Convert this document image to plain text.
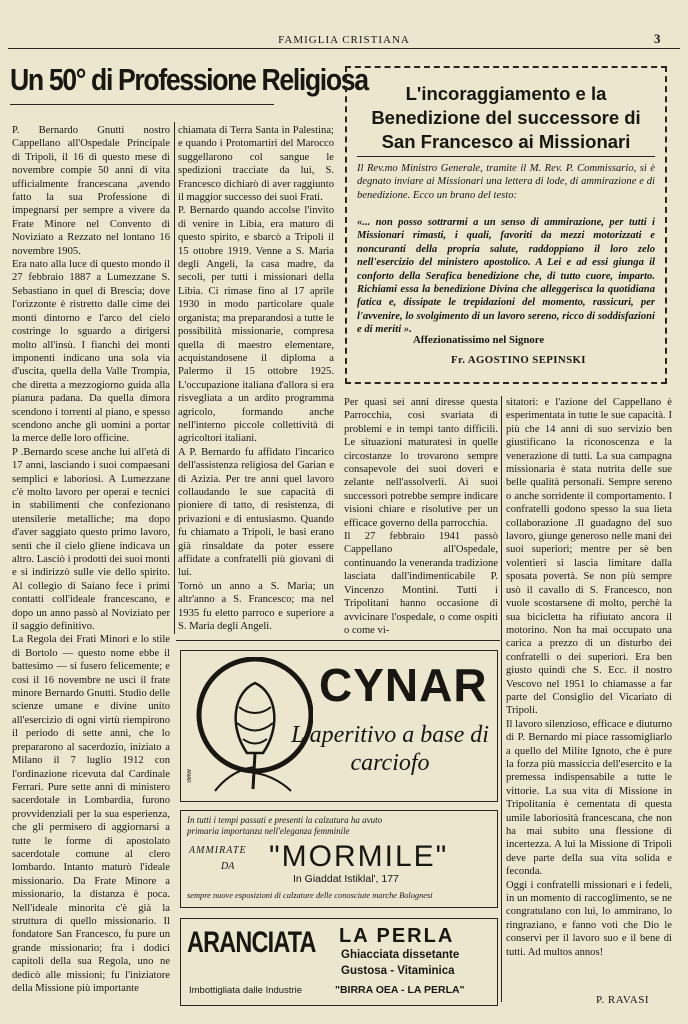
FAMIGLIA CRISTIANA	3
Un 50° di Professione Religiosa
P. Bernardo Gnutti nostro Cappellano all'Ospedale Principale di Tripoli, il 16 di questo mese di novembre compie 50 anni di vita ufficialmente francescana ,avendo fatto la sua Professione di impegnarsi per sempre a vivere da Frate Minore nel Convento di Noviziato a Rezzato nel lontano 16 novembre 1905.
Era nato alla luce di questo mondo il 27 febbraio 1887 a Lumezzane S. Sebastiano in quel di Brescia; dove l'orizzonte è ristretto dalle cime dei monti dintorno e l'arco del cielo costringe lo sguardo a dirigersi molto all'insù. I fianchi dei monti imponenti indicano una sola via d'uscita, quella della Valle Trompia, che diretta a mezzogiorno guida alla pianura padana. Da quella dimora scendono i torrenti al piano, e spesso scendono anche gli uomini a portar la merce delle loro officine.
P .Bernardo scese anche lui all'età di 17 anni, lasciando i suoi compaesani semplici e laboriosi. A Lumezzane c'è molto lavoro per operai e tecnici in stabilimenti che confezionano utensilerie metalliche; ma dopo d'aver saggiato questo primo lavoro, sentì che il cielo gliene indicava un altro. Lasciò i prodotti dei suoi monti e si indirizzò sulle vie dello spirito. Al collegio di Saiano fece i primi contatti coll'ideale francescano, e dopo un anno passò al Noviziato per il saggio definitivo.
La Regola dei Frati Minori e lo stile di Bortolo — questo nome ebbe il battesimo — si fusero felicemente; e così il 16 novembre ne uscì il frate minore Bernardo Gnutti. Studio delle scienze umane e divine unito all'esercizio di ogni virtù riempirono il periodo di sette anni, che lo prepararono al sacerdozio, iniziato a Milano il 7 luglio 1912 con l'ordinazione ricevuta dal Cardinale Ferrari. Pure sette anni di ministero sacerdotale in Lombardia, furono provvidenziali per la sua esperienza, che gli permisero di aggiornarsi a tutte le forme di apostolato sacerdotale comune al clero lombardo. Intanto maturò l'ideale missionario. Da Frate Minore a missionario, la distanza è poca. Nell'ideale minorita c'è già la struttura di quello missionario. Il fondatore San Francesco, fu pure un grande missionario; fra i dodici capitoli della sua Regola, uno ne dedicò alle missioni; fu l'iniziatore della Missione più importante
chiamata di Terra Santa in Palestina; e quando i Protomartiri del Marocco suggellarono col sangue le spedizioni tracciate da lui, S. Francesco dichiarò di aver raggiunto il maggior successo dei suoi Frati.
P. Bernardo quando accolse l'invito di venire in Libia, era maturo di questo spirito, e sbarcò a Tripoli il 15 ottobre 1919. Venne a S. Maria degli Angeli, la casa madre, da secoli, per tutti i missionari della Libia. Ci rimase fino al 17 aprile 1930 in modo particolare quale organista; ma preparandosi a tutte le possibilità missionarie, compresa quella di maestro elementare, acquistandosene il diploma a Palermo il 15 ottobre 1925. L'occupazione italiana d'allora si era risvegliata a un ardito programma agricolo, formando anche nell'interno piccole collettività di agricoltori italiani.
A P. Bernardo fu affidato l'incarico dell'assistenza religiosa del Garian e di Azizia. Per tre anni quel lavoro collaudando le sue capacità di pioniere di tatto, di resistenza, di privazioni e di entusiasmo. Quando fu chiamato a Tripoli, le basi erano già rinsaldate da poter essere affidate a confratelli più giovani di lui.
Tornò un anno a S. Maria; un altr'anno a S. Francesco; ma nel 1935 fu eletto parroco e superiore a S. Maria degli Angeli.
L'incoraggiamento e la Benedizione del successore di San Francesco ai Missionari
Il Rev.mo Ministro Generale, tramite il M. Rev. P. Commissario, si è degnato inviare ai Missionari una lettera di lode, di ammirazione e di benedizione. Ecco un brano del testo:
«... non posso sottrarmi a un senso di ammirazione, per tutti i Missionari rimasti, i quali, favoriti da mezzi motorizzati e noncuranti della propria salute, raddoppiano il loro zelo nell'esercizio del ministero apostolico. A Lei e ad essi giunga il conforto della Serafica benedizione che, di tutto cuore, imparto. Richiami essa la benedizione Divina che alleggerisca la quotidiana fatica e, dissipate le trepidazioni del momento, rassicuri, per l'avvenire, lo svolgimento di un lavoro sereno, ricco di soddisfazioni e di meriti ».
Affezionatissimo nel Signore
Fr. AGOSTINO SEPINSKI
Per quasi sei anni diresse questa Parrocchia, così svariata di problemi e in tempi tanto difficili. Le situazioni maturatesi in quelle circostanze lo trovarono sempre consapevole dei suoi doveri e zelante nell'assolverli. Ai suoi successori potrebbe sempre indicare visioni chiare e risolutive per un efficace governo della parrocchia.
Il 27 febbraio 1941 passò Cappellano all'Ospedale, continuando la veneranda tradizione lasciata dall'indimenticabile P. Vincenzo Montini. Tutti i Tripolitani hanno occasione di avvicinare l'ospedale, o come ospiti o come vi-
sitatori: e l'azione del Cappellano è esperimentata in tutte le sue capacità. I più che 14 anni di suo servizio ben giustificano la riconoscenza e la venerazione di tutti. La sua campagna missionaria è stata nutrita delle sue belle qualità personali. Sempre sereno o anche sorridente il comportamento. I confratelli godono spesso la sua lieta collaborazione .Il guadagno del suo lavoro, giunge generoso nelle mani dei suoi superiori; mentre per sè ben volentieri si lascia limitare dalla sposata povertà. Se non più sempre usò il cavallo di S. Francesco, non vuole scostarsene di molto, perchè la sua bicicletta ha rifiutato ancora il motorino. Non ha mai occupato una carica a prezzo di un disturbo dei confratelli o dei superiori. Era ben giusto quindi che S. Ecc. il nostro Vescovo nel 1951 lo chiamasse a far parte del Consiglio del Vicariato di Tripoli.
Il lavoro silenzioso, efficace e diuturno di P. Bernardo mi piace rassomigliarlo a quello del Milite Ignoto, che è pure la forza più massiccia dell'esercito e la premessa indispensabile a tutte le vittorie. La sua vita di Missione in Tripolitania è cementata di questa umile laboriosità francescana, che non ha mai subito una flessione di incertezza. A lui la Missione di Tripoli deve parte della sua vita solida e feconda.
Oggi i confratelli missionari e i fedeli, in un momento di raccoglimento, se ne congratulano con lui, lo ammirano, lo ringraziano, e fanno voti che Dio le conservi per il lavoro suo e il bene di tutti. Ad multos annos!
P. RAVASI
ANAR
CYNAR
L'aperitivo a base di carciofo
In tutti i tempi passati e presenti la calzatura ha avuto primaria importanza nell'eleganza femminile
AMMIRATE
DA "MORMILE"
In Giaddat Istiklal', 177
sempre nuove esposizioni di calzature delle conosciute marche Bolognesi
ARANCIATA LA PERLA
Ghiacciata dissetante
Gustosa - Vitaminica
Imbottigliata dalle Industrie	"BIRRA OEA - LA PERLA"
